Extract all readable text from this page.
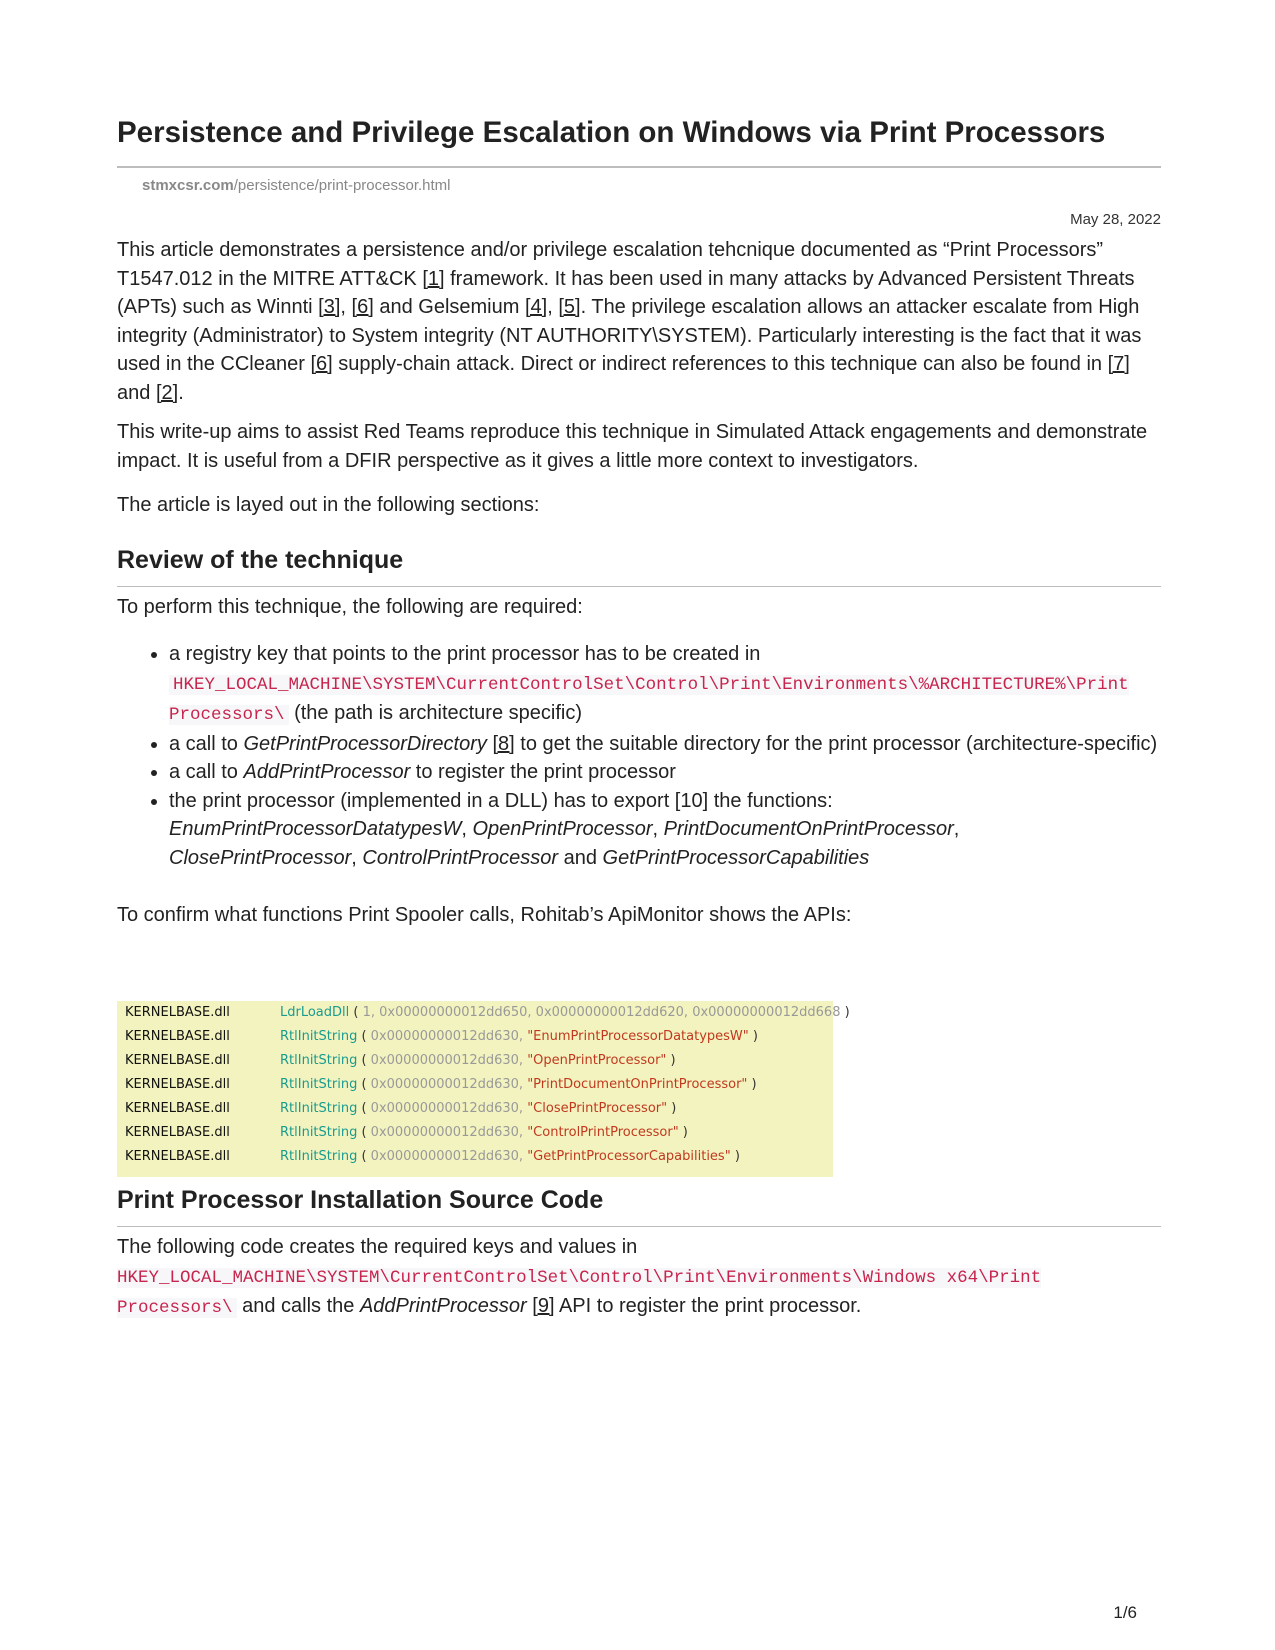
Persistence and Privilege Escalation on Windows via Print Processors
stmxcsr.com/persistence/print-processor.html
May 28, 2022

This article demonstrates a persistence and/or privilege escalation tehcnique documented as “Print Processors” T1547.012 in the MITRE ATT&CK [1] framework. It has been used in many attacks by Advanced Persistent Threats (APTs) such as Winnti [3], [6] and Gelsemium [4], [5]. The privilege escalation allows an attacker escalate from High integrity (Administrator) to System integrity (NT AUTHORITY\SYSTEM). Particularly interesting is the fact that it was used in the CCleaner [6] supply-chain attack. Direct or indirect references to this technique can also be found in [7] and [2].

This write-up aims to assist Red Teams reproduce this technique in Simulated Attack engagements and demonstrate impact. It is useful from a DFIR perspective as it gives a little more context to investigators.

The article is layed out in the following sections:

Review of the technique

To perform this technique, the following are required:

• a registry key that points to the print processor has to be created in
HKEY_LOCAL_MACHINE\SYSTEM\CurrentControlSet\Control\Print\Environments\%ARCHITECTURE%\Print Processors\ (the path is architecture specific)
• a call to GetPrintProcessorDirectory [8] to get the suitable directory for the print processor (architecture-specific)
• a call to AddPrintProcessor to register the print processor
• the print processor (implemented in a DLL) has to export [10] the functions:
EnumPrintProcessorDatatypesW, OpenPrintProcessor, PrintDocumentOnPrintProcessor,
ClosePrintProcessor, ControlPrintProcessor and GetPrintProcessorCapabilities

To confirm what functions Print Spooler calls, Rohitab’s ApiMonitor shows the APIs:

KERNELBASE.dll	LdrLoadDll ( 1, 0x00000000012dd650, 0x00000000012dd620, 0x00000000012dd668 )
KERNELBASE.dll	RtlInitString ( 0x00000000012dd630, "EnumPrintProcessorDatatypesW" )
KERNELBASE.dll	RtlInitString ( 0x00000000012dd630, "OpenPrintProcessor" )
KERNELBASE.dll	RtlInitString ( 0x00000000012dd630, "PrintDocumentOnPrintProcessor" )
KERNELBASE.dll	RtlInitString ( 0x00000000012dd630, "ClosePrintProcessor" )
KERNELBASE.dll	RtlInitString ( 0x00000000012dd630, "ControlPrintProcessor" )
KERNELBASE.dll	RtlInitString ( 0x00000000012dd630, "GetPrintProcessorCapabilities" )
Print Processor Installation Source Code

The following code creates the required keys and values in
HKEY_LOCAL_MACHINE\SYSTEM\CurrentControlSet\Control\Print\Environments\Windows x64\Print Processors\ and calls the AddPrintProcessor [9] API to register the print processor.

1/6
